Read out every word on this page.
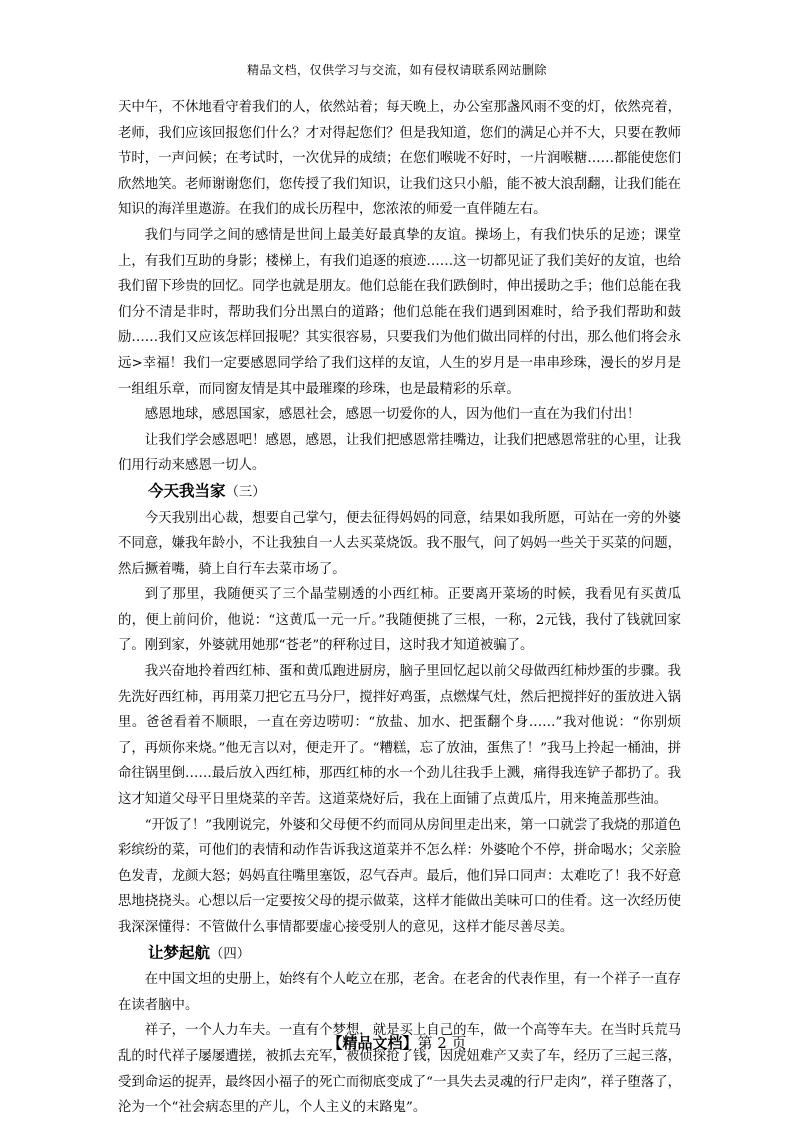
精品文档，仅供学习与交流，如有侵权请联系网站删除

天中午，不休地看守着我们的人，依然站着；每天晚上，办公室那盏风雨不变的灯，依然亮着，老师，我们应该回报您们什么？才对得起您们？但是我知道，您们的满足心并不大，只要在教师节时，一声问候；在考试时，一次优异的成绩；在您们喉咙不好时，一片润喉糖……都能使您们欣然地笑。老师谢谢您们，您传授了我们知识，让我们这只小船，能不被大浪刮翻，让我们能在知识的海洋里遨游。在我们的成长历程中，您浓浓的师爱一直伴随左右。

我们与同学之间的感情是世间上最美好最真挚的友谊。操场上，有我们快乐的足迹；课堂上，有我们互助的身影；楼梯上，有我们追逐的痕迹……这一切都见证了我们美好的友谊，也给我们留下珍贵的回忆。同学也就是朋友。他们总能在我们跌倒时，伸出援助之手；他们总能在我们分不清是非时，帮助我们分出黑白的道路；他们总能在我们遇到困难时，给予我们帮助和鼓励……我们又应该怎样回报呢？其实很容易，只要我们为他们做出同样的付出，那么他们将会永远>幸福！我们一定要感恩同学给了我们这样的友谊，人生的岁月是一串串珍珠，漫长的岁月是一组组乐章，而同窗友情是其中最璀璨的珍珠，也是最精彩的乐章。

感恩地球，感恩国家，感恩社会，感恩一切爱你的人，因为他们一直在为我们付出！

让我们学会感恩吧！感恩，感恩，让我们把感恩常挂嘴边，让我们把感恩常驻的心里，让我们用行动来感恩一切人。

今天我当家（三）

今天我别出心裁，想要自己掌勺，便去征得妈妈的同意，结果如我所愿，可站在一旁的外婆不同意，嫌我年龄小，不让我独自一人去买菜烧饭。我不服气，问了妈妈一些关于买菜的问题，然后撅着嘴，骑上自行车去菜市场了。

到了那里，我随便买了三个晶莹剔透的小西红柿。正要离开菜场的时候，我看见有买黄瓜的，便上前问价，他说：“这黄瓜一元一斤。”我随便挑了三根，一称，2元钱，我付了钱就回家了。刚到家，外婆就用她那“苍老”的秤称过目，这时我才知道被骗了。

我兴奋地拎着西红柿、蛋和黄瓜跑进厨房，脑子里回忆起以前父母做西红柿炒蛋的步骤。我先洗好西红柿，再用菜刀把它五马分尸，搅拌好鸡蛋，点燃煤气灶，然后把搅拌好的蛋放进入锅里。爸爸看着不顺眼，一直在旁边唠叨：“放盐、加水、把蛋翻个身……”我对他说：“你别烦了，再烦你来烧。”他无言以对，便走开了。“糟糕，忘了放油，蛋焦了！”我马上拎起一桶油，拼命往锅里倒……最后放入西红柿，那西红柿的水一个劲儿往我手上溅，痛得我连铲子都扔了。我这才知道父母平日里烧菜的辛苦。这道菜烧好后，我在上面铺了点黄瓜片，用来掩盖那些油。

“开饭了！”我刚说完，外婆和父母便不约而同从房间里走出来，第一口就尝了我烧的那道色彩缤纷的菜，可他们的表情和动作告诉我这道菜并不怎么样：外婆呛个不停，拼命喝水；父亲脸色发青，龙颜大怒；妈妈直往嘴里塞饭，忍气吞声。最后，他们异口同声：太难吃了！我不好意思地挠挠头。心想以后一定要按父母的提示做菜，这样才能做出美味可口的佳肴。这一次经历使我深深懂得：不管做什么事情都要虚心接受别人的意见，这样才能尽善尽美。

让梦起航（四）

在中国文坦的史册上，始终有个人屹立在那，老舍。在老舍的代表作里，有一个祥子一直存在读者脑中。

祥子，一个人力车夫。一直有个梦想，就是买上自己的车，做一个高等车夫。在当时兵荒马乱的时代祥子屡屡遭搓，被抓去充军，被侦探抢了钱，因虎妞难产又卖了车，经历了三起三落，受到命运的捉弄，最终因小福子的死亡而彻底变成了“一具失去灵魂的行尸走肉”，祥子堕落了，沦为一个“社会病态里的产儿，个人主义的末路鬼”。

【精品文档】第 2 页
